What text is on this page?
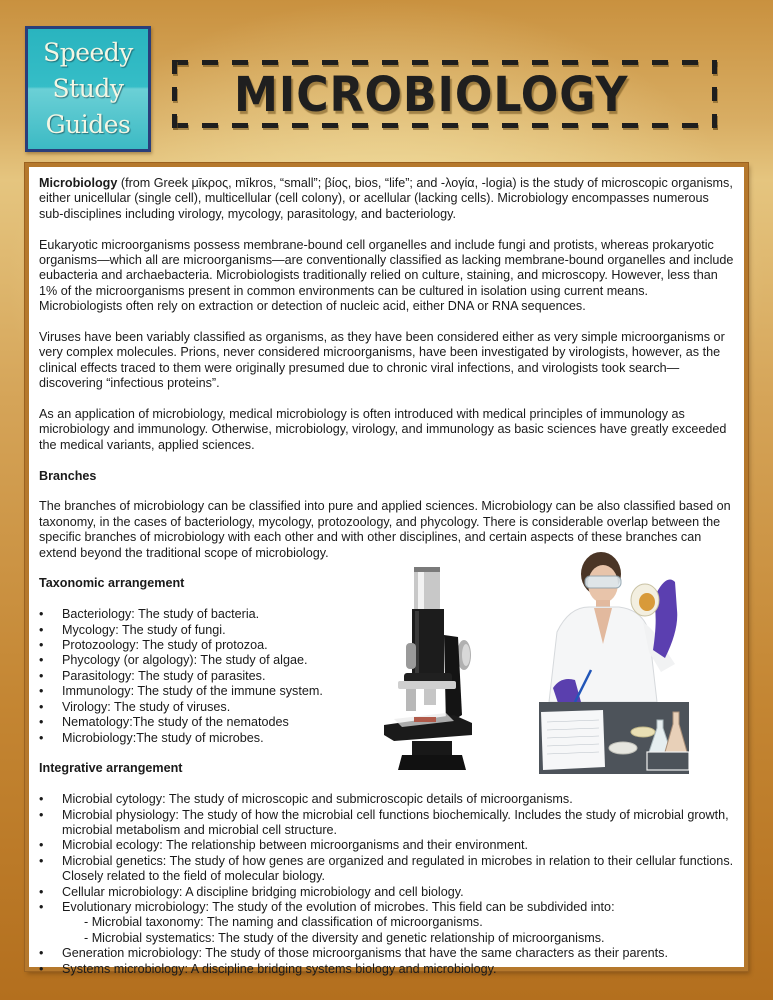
Speedy
Study
Guides
MICROBIOLOGY

Microbiology (from Greek μῑκρος, mīkros, “small”; βίος, bios, “life”; and -λογία, -logia) is the study of microscopic organisms, either unicellular (single cell), multicellular (cell colony), or acellular (lacking cells). Microbiology encompasses numerous sub-disciplines including virology, mycology, parasitology, and bacteriology.

Eukaryotic microorganisms possess membrane-bound cell organelles and include fungi and protists, whereas prokaryotic organisms—which all are microorganisms—are conventionally classified as lacking membrane-bound organelles and include eubacteria and archaebacteria. Microbiologists traditionally relied on culture, staining, and microscopy. However, less than 1% of the microorganisms present in common environments can be cultured in isolation using current means. Microbiologists often rely on extraction or detection of nucleic acid, either DNA or RNA sequences.

Viruses have been variably classified as organisms, as they have been considered either as very simple microorganisms or very complex molecules. Prions, never considered microorganisms, have been investigated by virologists, however, as the clinical effects traced to them were originally presumed due to chronic viral infections, and virologists took search—discovering “infectious proteins”.

As an application of microbiology, medical microbiology is often introduced with medical principles of immunology as microbiology and immunology. Otherwise, microbiology, virology, and immunology as basic sciences have greatly exceeded the medical variants, applied sciences.

Branches

The branches of microbiology can be classified into pure and applied sciences. Microbiology can be also classified based on taxonomy, in the cases of bacteriology, mycology, protozoology, and phycology. There is considerable overlap between the specific branches of microbiology with each other and with other disciplines, and certain aspects of these branches can extend beyond the traditional scope of microbiology.

Taxonomic arrangement
• Bacteriology: The study of bacteria.
• Mycology: The study of fungi.
• Protozoology: The study of protozoa.
• Phycology (or algology): The study of algae.
• Parasitology: The study of parasites.
• Immunology: The study of the immune system.
• Virology: The study of viruses.
• Nematology:The study of the nematodes
• Microbiology:The study of microbes.
Integrative arrangement
• Microbial cytology: The study of microscopic and submicroscopic details of microorganisms.
• Microbial physiology: The study of how the microbial cell functions biochemically. Includes the study of microbial growth, microbial metabolism and microbial cell structure.
• Microbial ecology: The relationship between microorganisms and their environment.
• Microbial genetics: The study of how genes are organized and regulated in microbes in relation to their cellular functions. Closely related to the field of molecular biology.
• Cellular microbiology: A discipline bridging microbiology and cell biology.
• Evolutionary microbiology: The study of the evolution of microbes. This field can be subdivided into:
- Microbial taxonomy: The naming and classification of microorganisms.
- Microbial systematics: The study of the diversity and genetic relationship of microorganisms.
• Generation microbiology: The study of those microorganisms that have the same characters as their parents.
• Systems microbiology: A discipline bridging systems biology and microbiology.
